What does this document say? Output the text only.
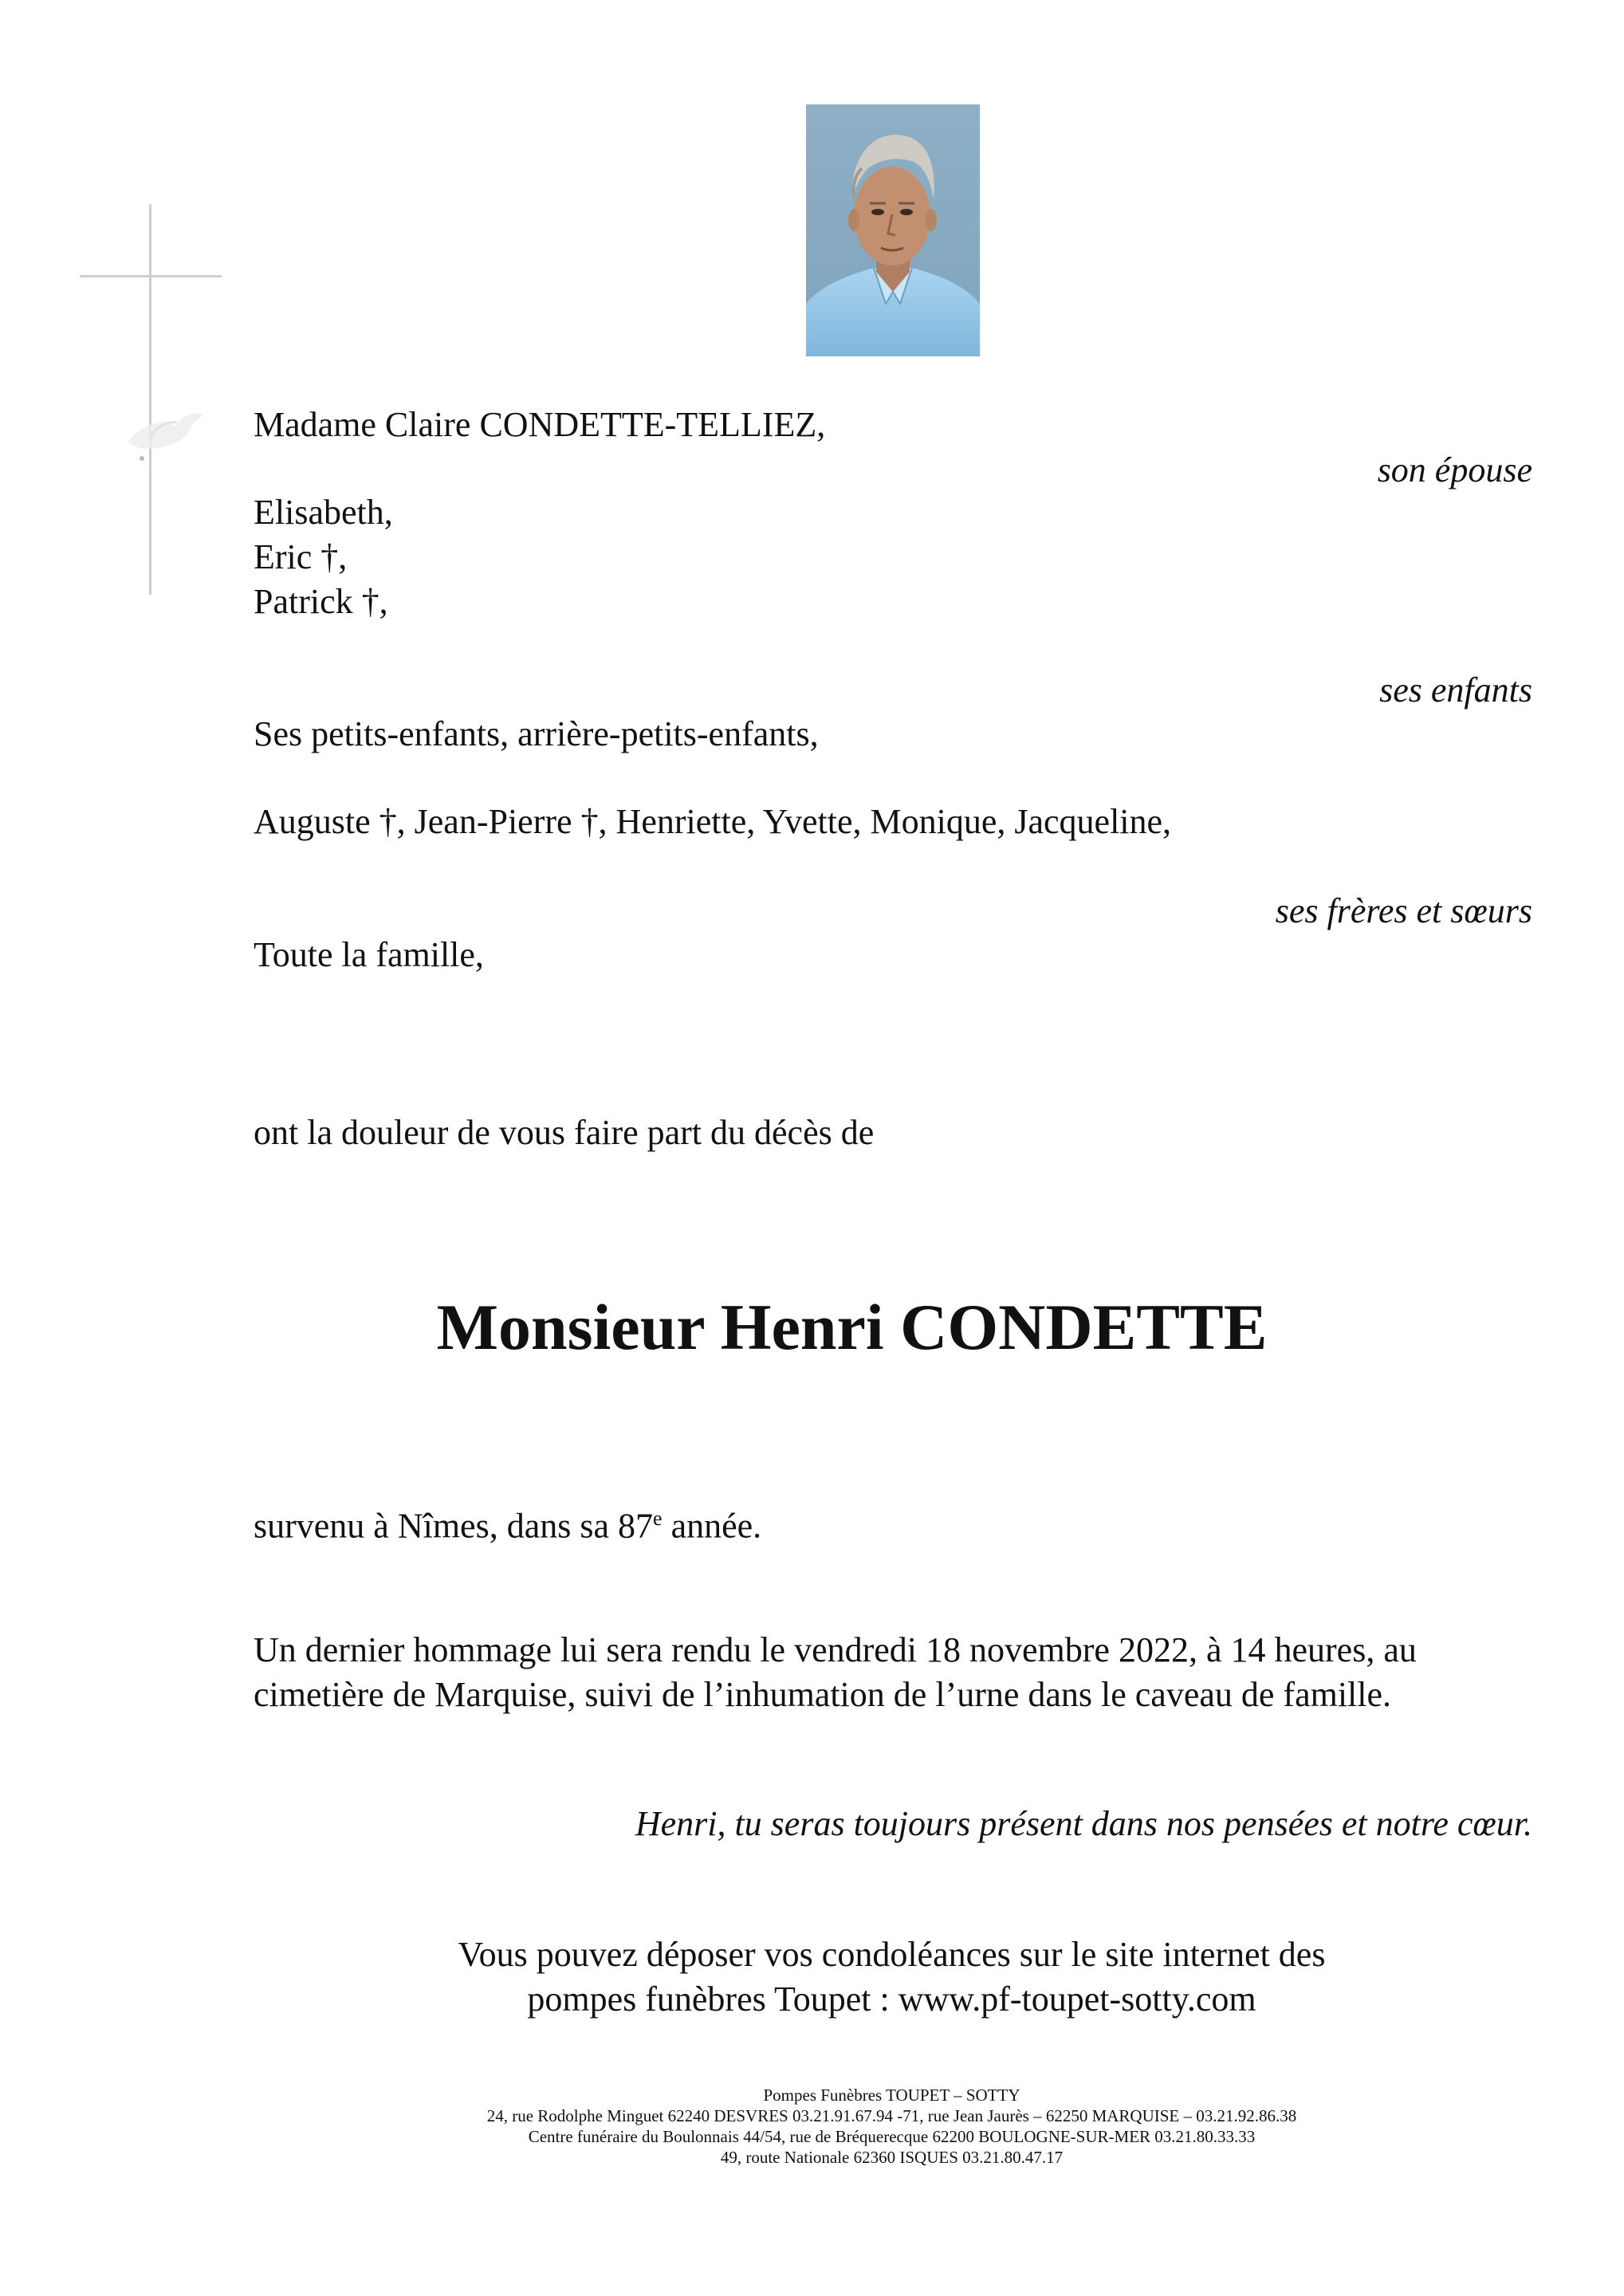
Madame Claire CONDETTE-TELLIEZ,
son épouse
Elisabeth,
Eric †,
Patrick †,
ses enfants
Ses petits-enfants, arrière-petits-enfants,
Auguste †, Jean-Pierre †, Henriette, Yvette, Monique, Jacqueline,
ses frères et sœurs
Toute la famille,
ont la douleur de vous faire part du décès de
Monsieur Henri CONDETTE
survenu à Nîmes, dans sa 87e année.
Un dernier hommage lui sera rendu le vendredi 18 novembre 2022, à 14 heures, au
cimetière de Marquise, suivi de l’inhumation de l’urne dans le caveau de famille.
Henri, tu seras toujours présent dans nos pensées et notre cœur.
Vous pouvez déposer vos condoléances sur le site internet des
pompes funèbres Toupet : www.pf-toupet-sotty.com
Pompes Funèbres TOUPET – SOTTY
24, rue Rodolphe Minguet 62240 DESVRES 03.21.91.67.94 -71, rue Jean Jaurès – 62250 MARQUISE – 03.21.92.86.38
Centre funéraire du Boulonnais 44/54, rue de Bréquerecque 62200 BOULOGNE-SUR-MER 03.21.80.33.33
49, route Nationale 62360 ISQUES 03.21.80.47.17
